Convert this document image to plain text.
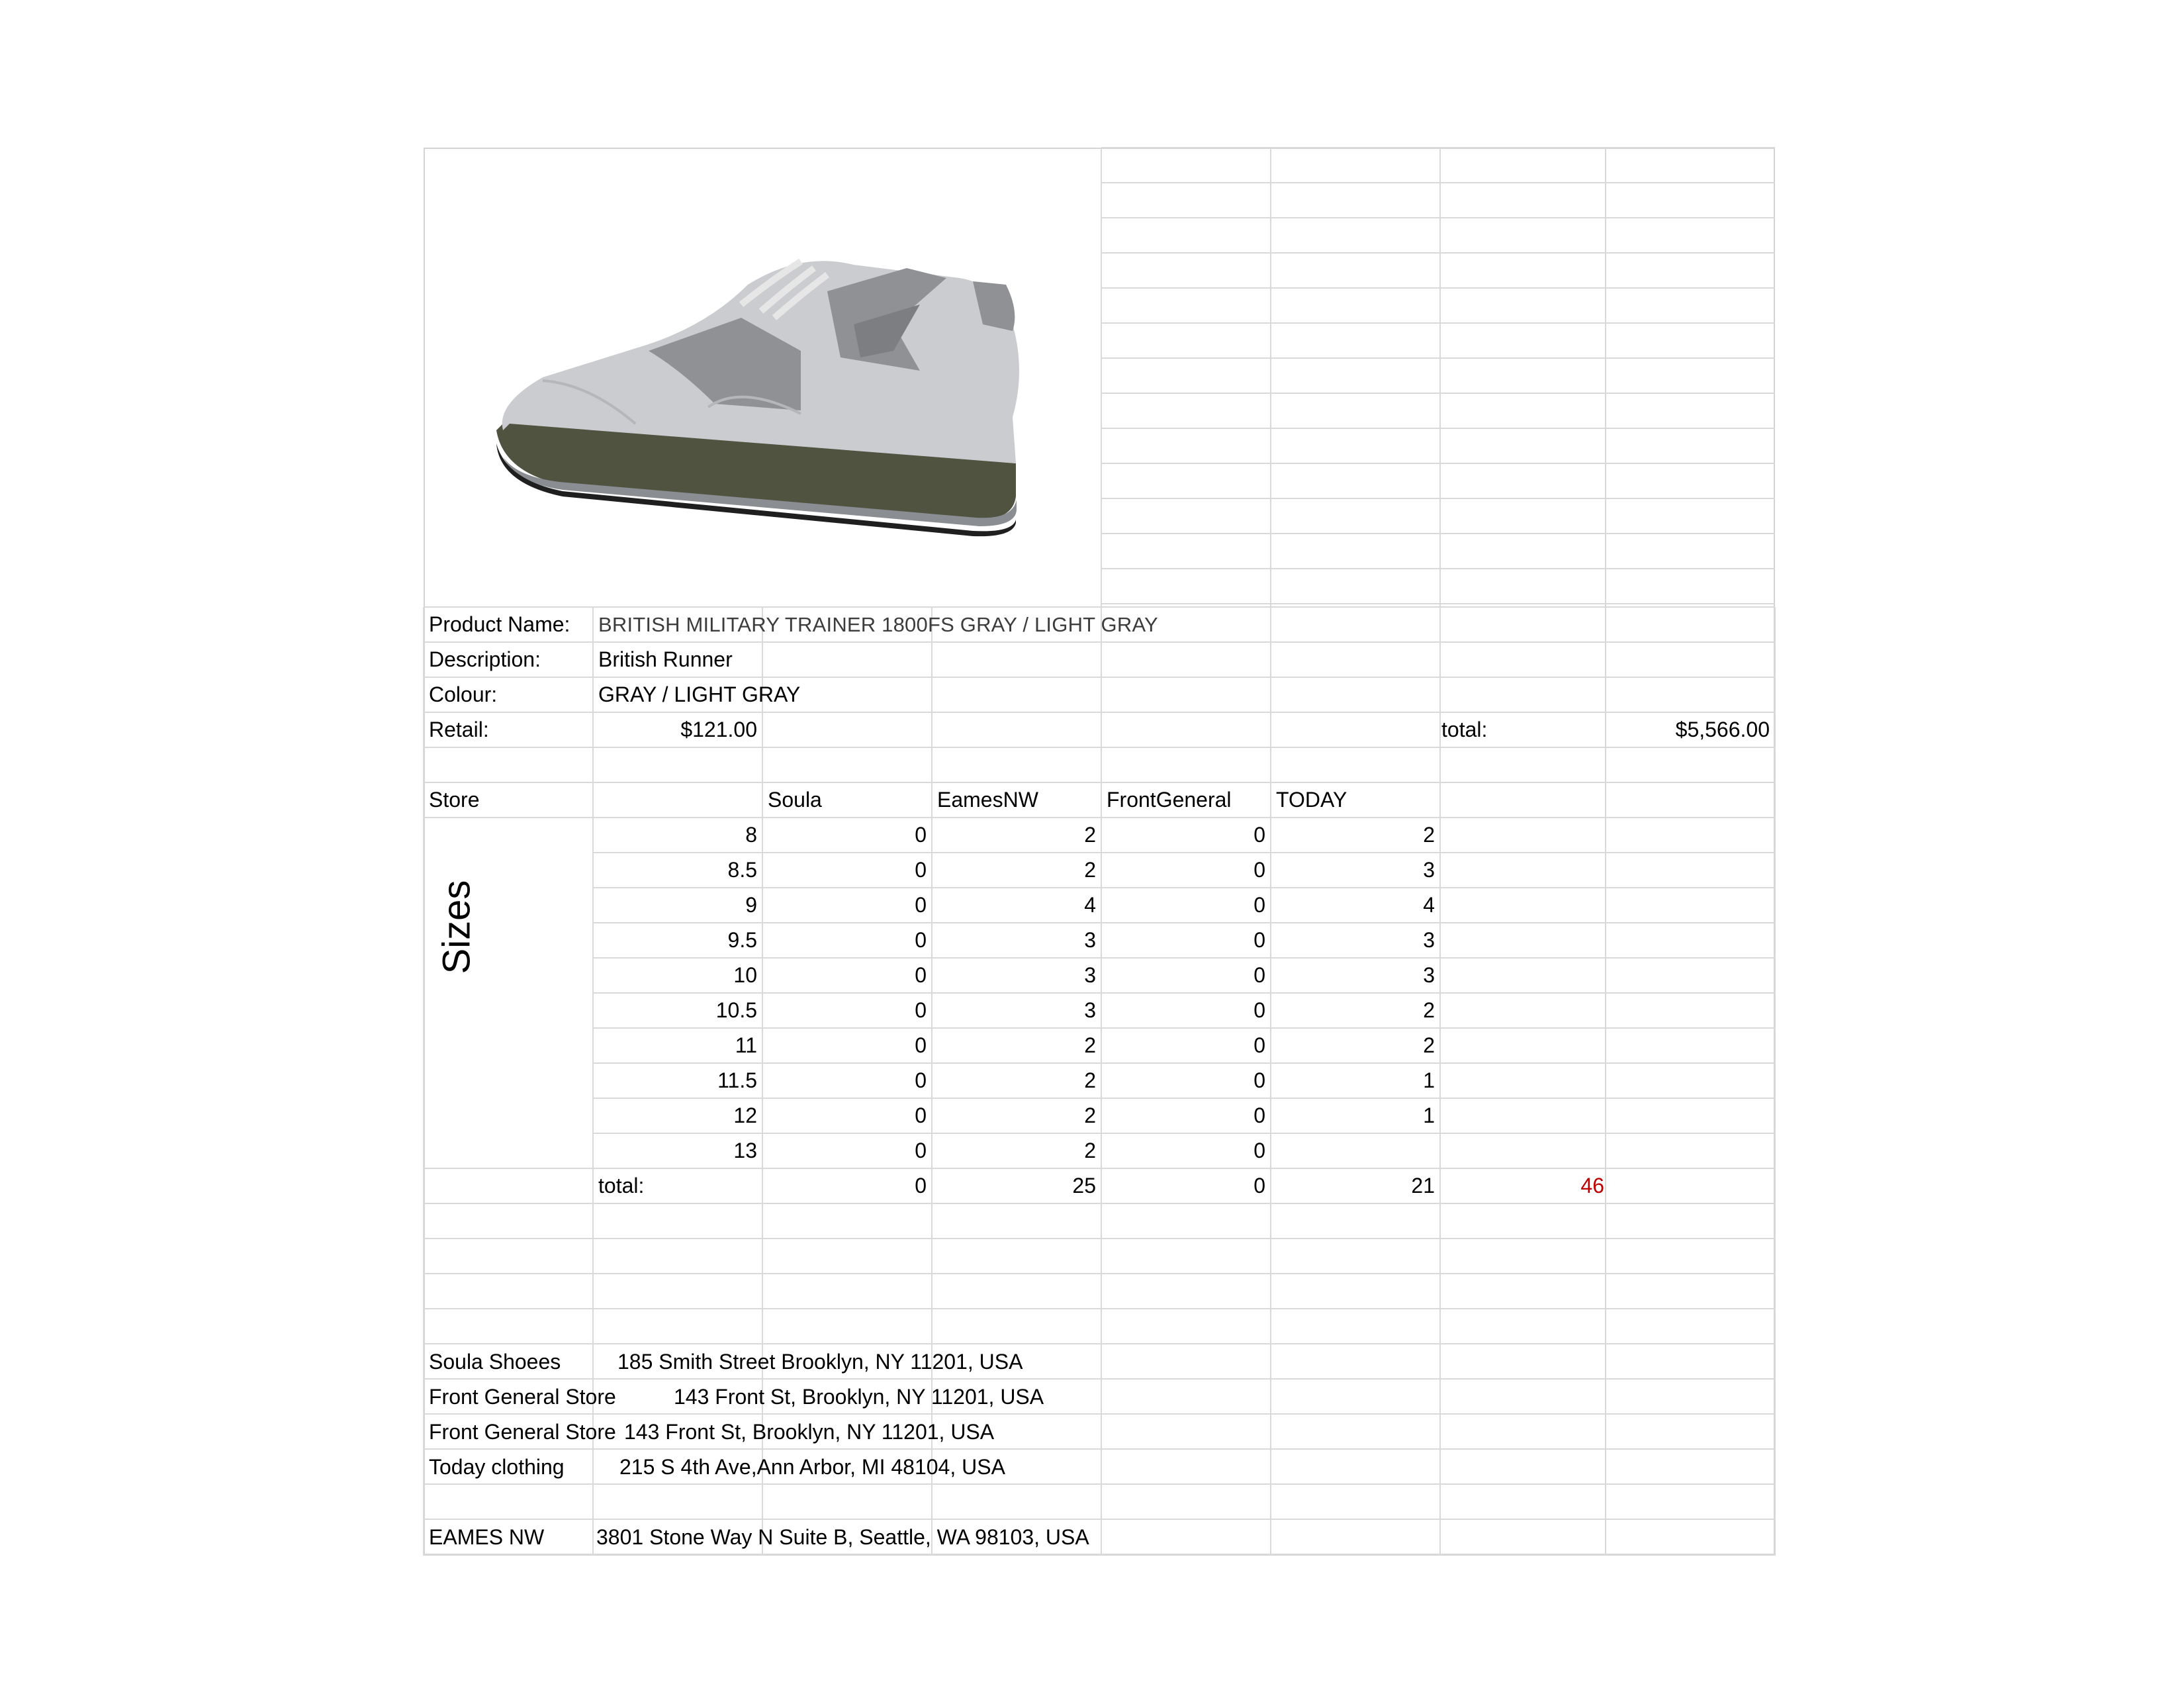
Product Name:	BRITISH MILITARY TRAINER 1800FS GRAY / LIGHT GRAY
Description:	British Runner
Colour:	GRAY / LIGHT GRAY
Retail:	$121.00	total:	$5,566.00
Store	Soula	EamesNW	FrontGeneral	TODAY
Sizes
8	0	2	0	2
8.5	0	2	0	3
9	0	4	0	4
9.5	0	3	0	3
10	0	3	0	3
10.5	0	3	0	2
11	0	2	0	2
11.5	0	2	0	1
12	0	2	0	1
13	0	2	0
total:	0	25	0	21	46
Soula Shoees	185 Smith Street Brooklyn, NY 11201, USA
Front General Store	143 Front St, Brooklyn, NY 11201, USA
Front General Store 143 Front St, Brooklyn, NY 11201, USA
Today clothing	215 S 4th Ave,Ann Arbor, MI 48104, USA
EAMES NW	3801 Stone Way N Suite B, Seattle, WA 98103, USA
